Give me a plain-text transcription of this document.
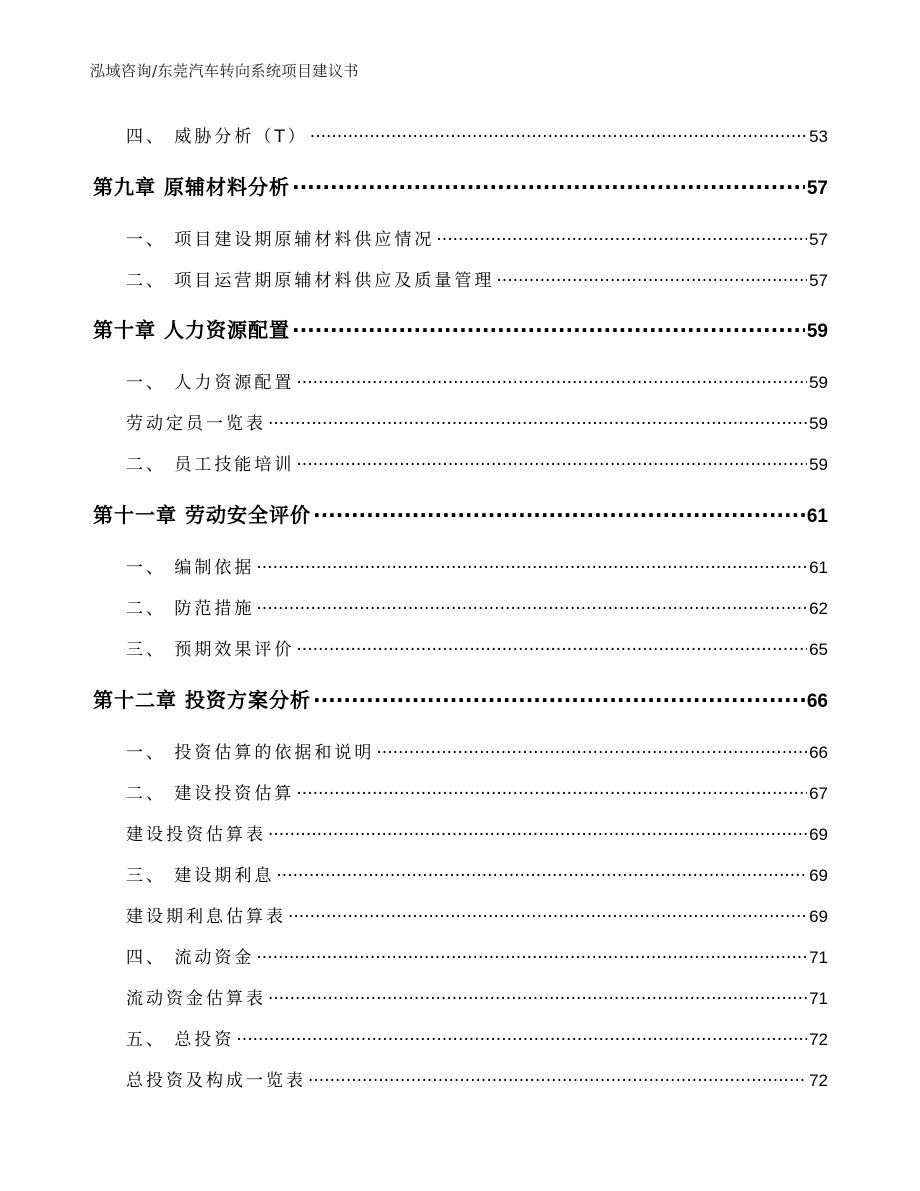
泓域咨询/东莞汽车转向系统项目建议书
四、 威胁分析（T） .....	53
第九章 原辅材料分析 .....	57
一、 项目建设期原辅材料供应情况 .....	57
二、 项目运营期原辅材料供应及质量管理 .....	57
第十章 人力资源配置 .....	59
一、 人力资源配置 .....	59
劳动定员一览表 .....	59
二、 员工技能培训 .....	59
第十一章 劳动安全评价 .....	61
一、 编制依据 .....	61
二、 防范措施 .....	62
三、 预期效果评价 .....	65
第十二章 投资方案分析 .....	66
一、 投资估算的依据和说明 .....	66
二、 建设投资估算 .....	67
建设投资估算表 .....	69
三、 建设期利息 .....	69
建设期利息估算表 .....	69
四、 流动资金 .....	71
流动资金估算表 .....	71
五、 总投资 .....	72
总投资及构成一览表 .....	72
